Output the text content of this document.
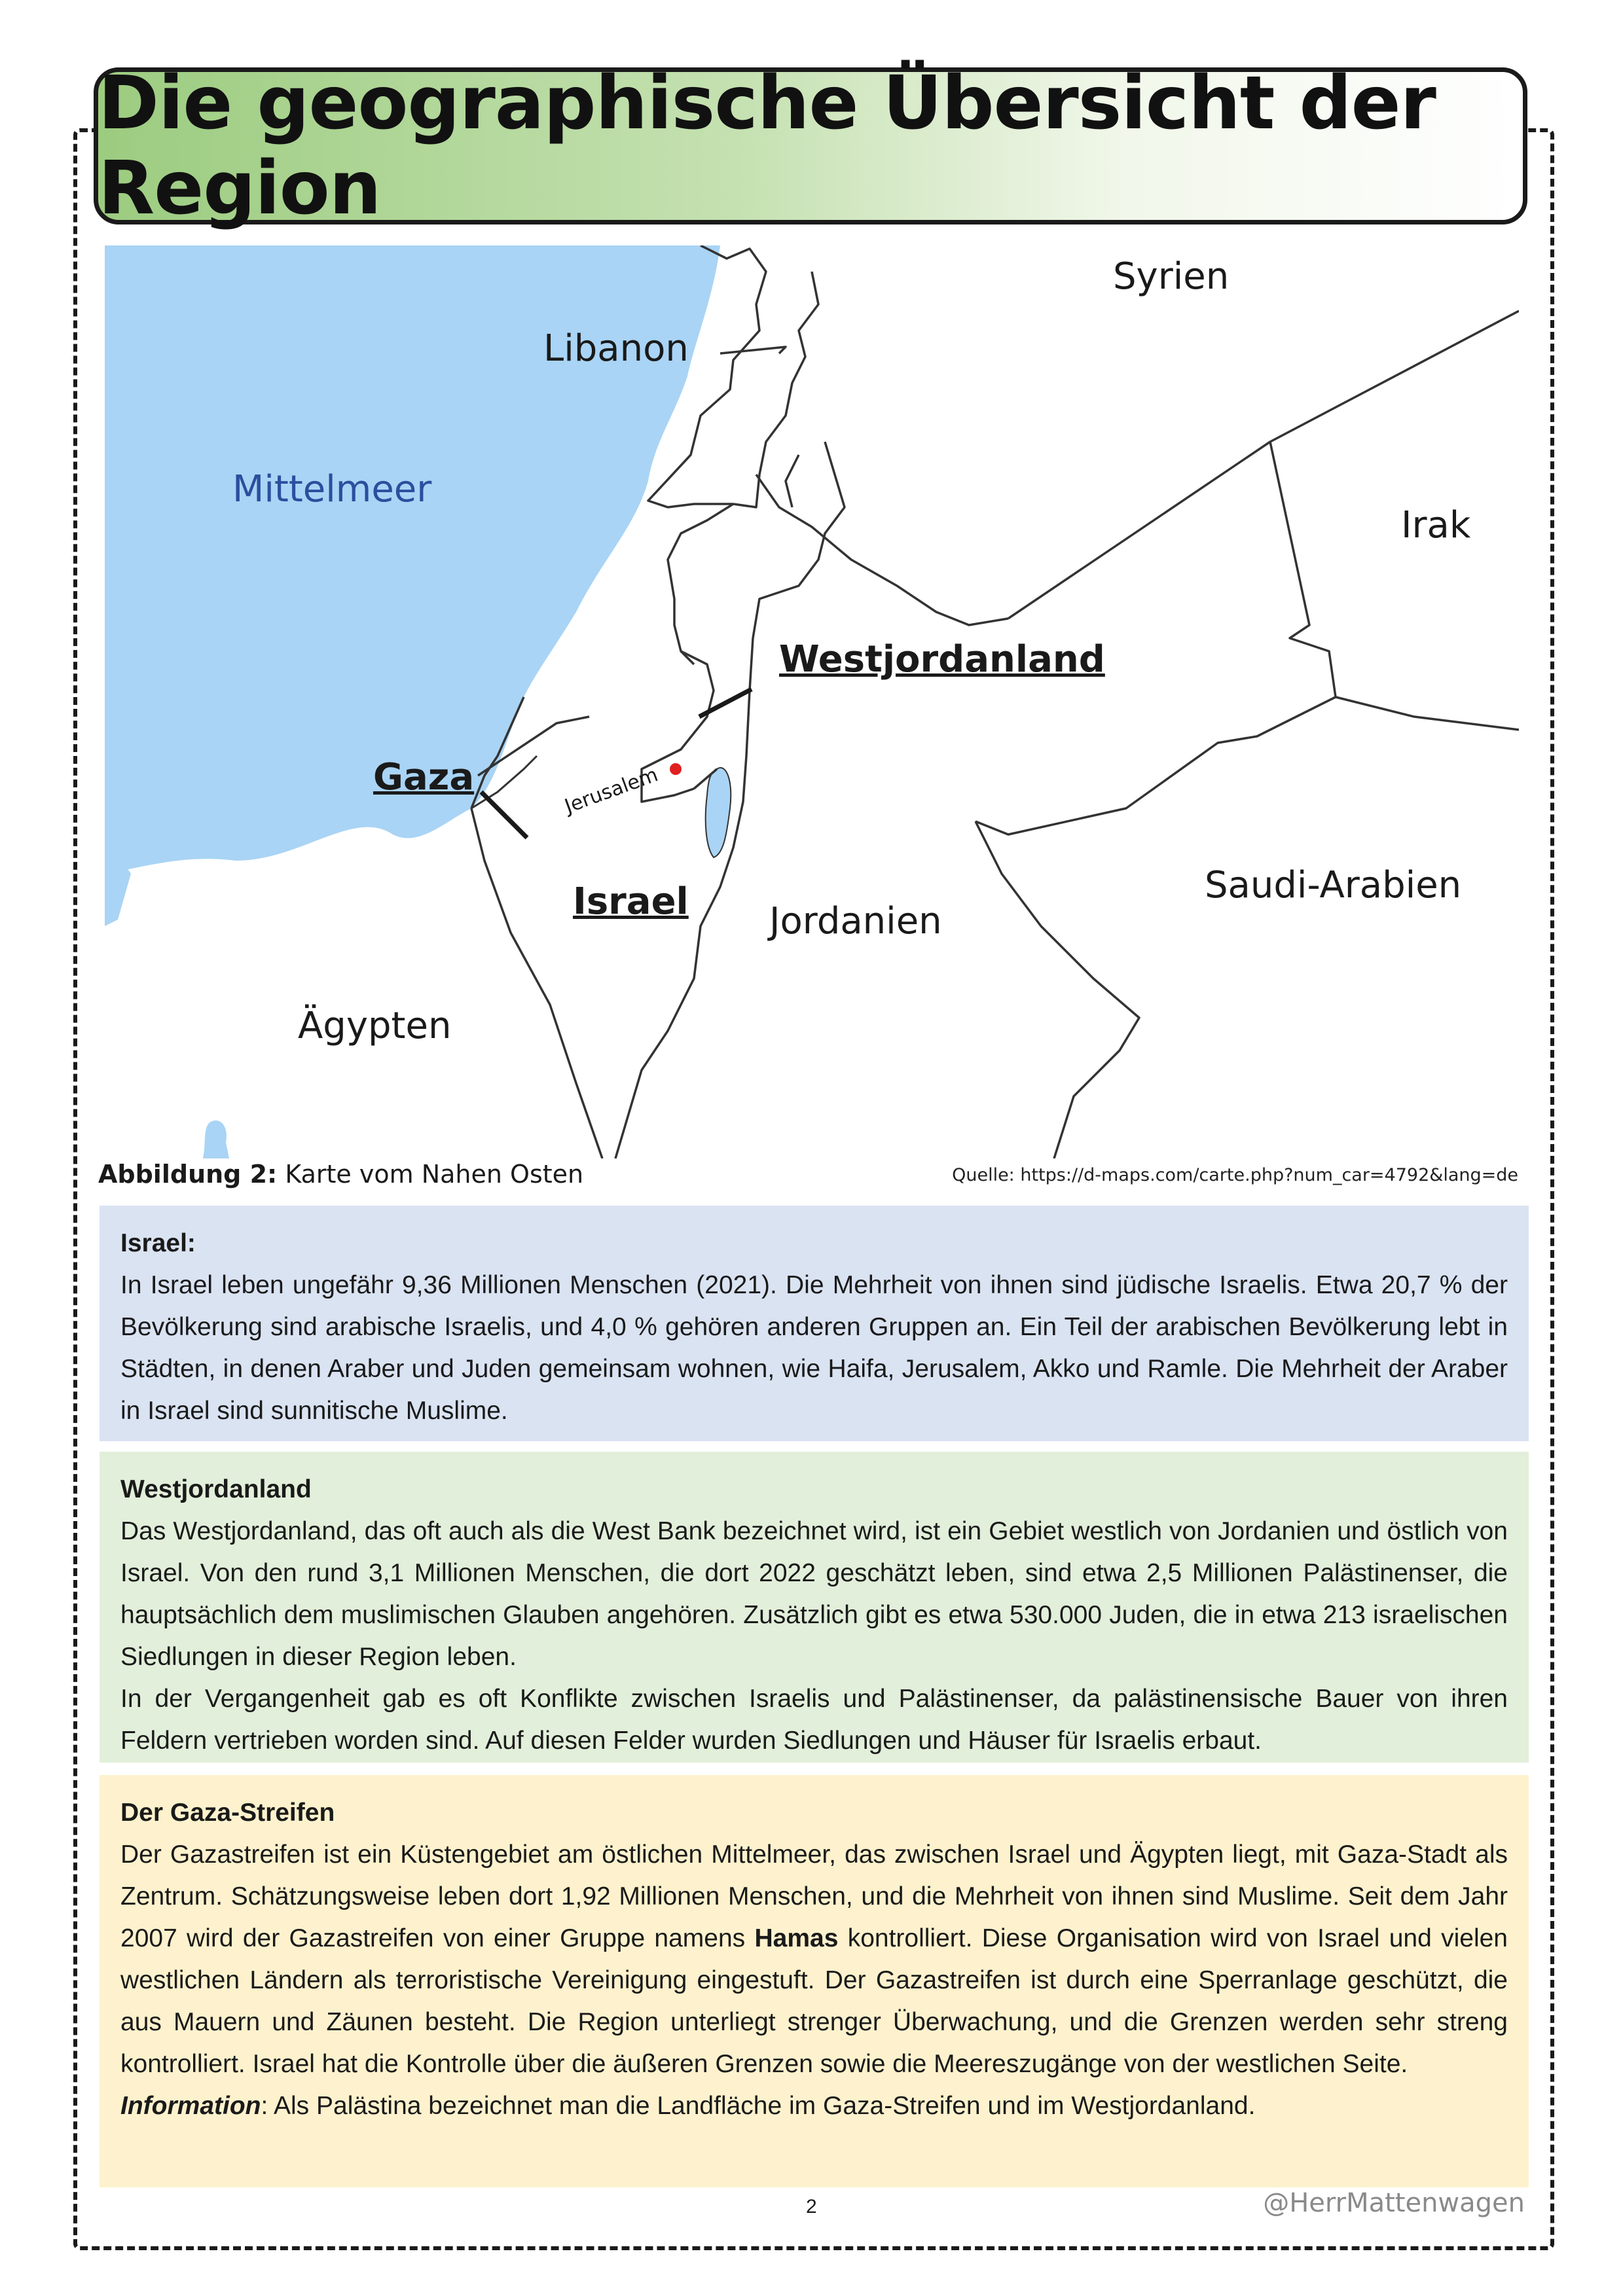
Die geographische Übersicht der Region
Syrien
Libanon
Mittelmeer
Irak
Westjordanland
Gaza	Jerusalem
Israel Jordanien
Saudi-Arabien
Ägypten
Abbildung 2: Karte vom Nahen Osten	Quelle: https://d-maps.com/carte.php?num_car=4792&lang=de
Israel:

In Israel leben ungefähr 9,36 Millionen Menschen (2021). Die Mehrheit von ihnen sind jüdische Israelis. Etwa 20,7 % der Bevölkerung sind arabische Israelis, und 4,0 % gehören anderen Gruppen an. Ein Teil der arabischen Bevölkerung lebt in Städten, in denen Araber und Juden gemeinsam wohnen, wie Haifa, Jerusalem, Akko und Ramle. Die Mehrheit der Araber in Israel sind sunnitische Muslime.

Westjordanland

Das Westjordanland, das oft auch als die West Bank bezeichnet wird, ist ein Gebiet westlich von Jordanien und östlich von Israel. Von den rund 3,1 Millionen Menschen, die dort 2022 geschätzt leben, sind etwa 2,5 Millionen Palästinenser, die hauptsächlich dem muslimischen Glauben angehören. Zusätzlich gibt es etwa 530.000 Juden, die in etwa 213 israelischen Siedlungen in dieser Region leben.

In der Vergangenheit gab es oft Konflikte zwischen Israelis und Palästinenser, da palästinensische Bauer von ihren Feldern vertrieben worden sind. Auf diesen Felder wurden Siedlungen und Häuser für Israelis erbaut.

Der Gaza-Streifen

Der Gazastreifen ist ein Küstengebiet am östlichen Mittelmeer, das zwischen Israel und Ägypten liegt, mit Gaza-Stadt als Zentrum. Schätzungsweise leben dort 1,92 Millionen Menschen, und die Mehrheit von ihnen sind Muslime. Seit dem Jahr 2007 wird der Gazastreifen von einer Gruppe namens Hamas kontrolliert. Diese Organisation wird von Israel und vielen westlichen Ländern als terroristische Vereinigung eingestuft. Der Gazastreifen ist durch eine Sperranlage geschützt, die aus Mauern und Zäunen besteht. Die Region unterliegt strenger Überwachung, und die Grenzen werden sehr streng kontrolliert. Israel hat die Kontrolle über die äußeren Grenzen sowie die Meereszugänge von der westlichen Seite.

Information: Als Palästina bezeichnet man die Landfläche im Gaza-Streifen und im Westjordanland.

2	@HerrMattenwagen
